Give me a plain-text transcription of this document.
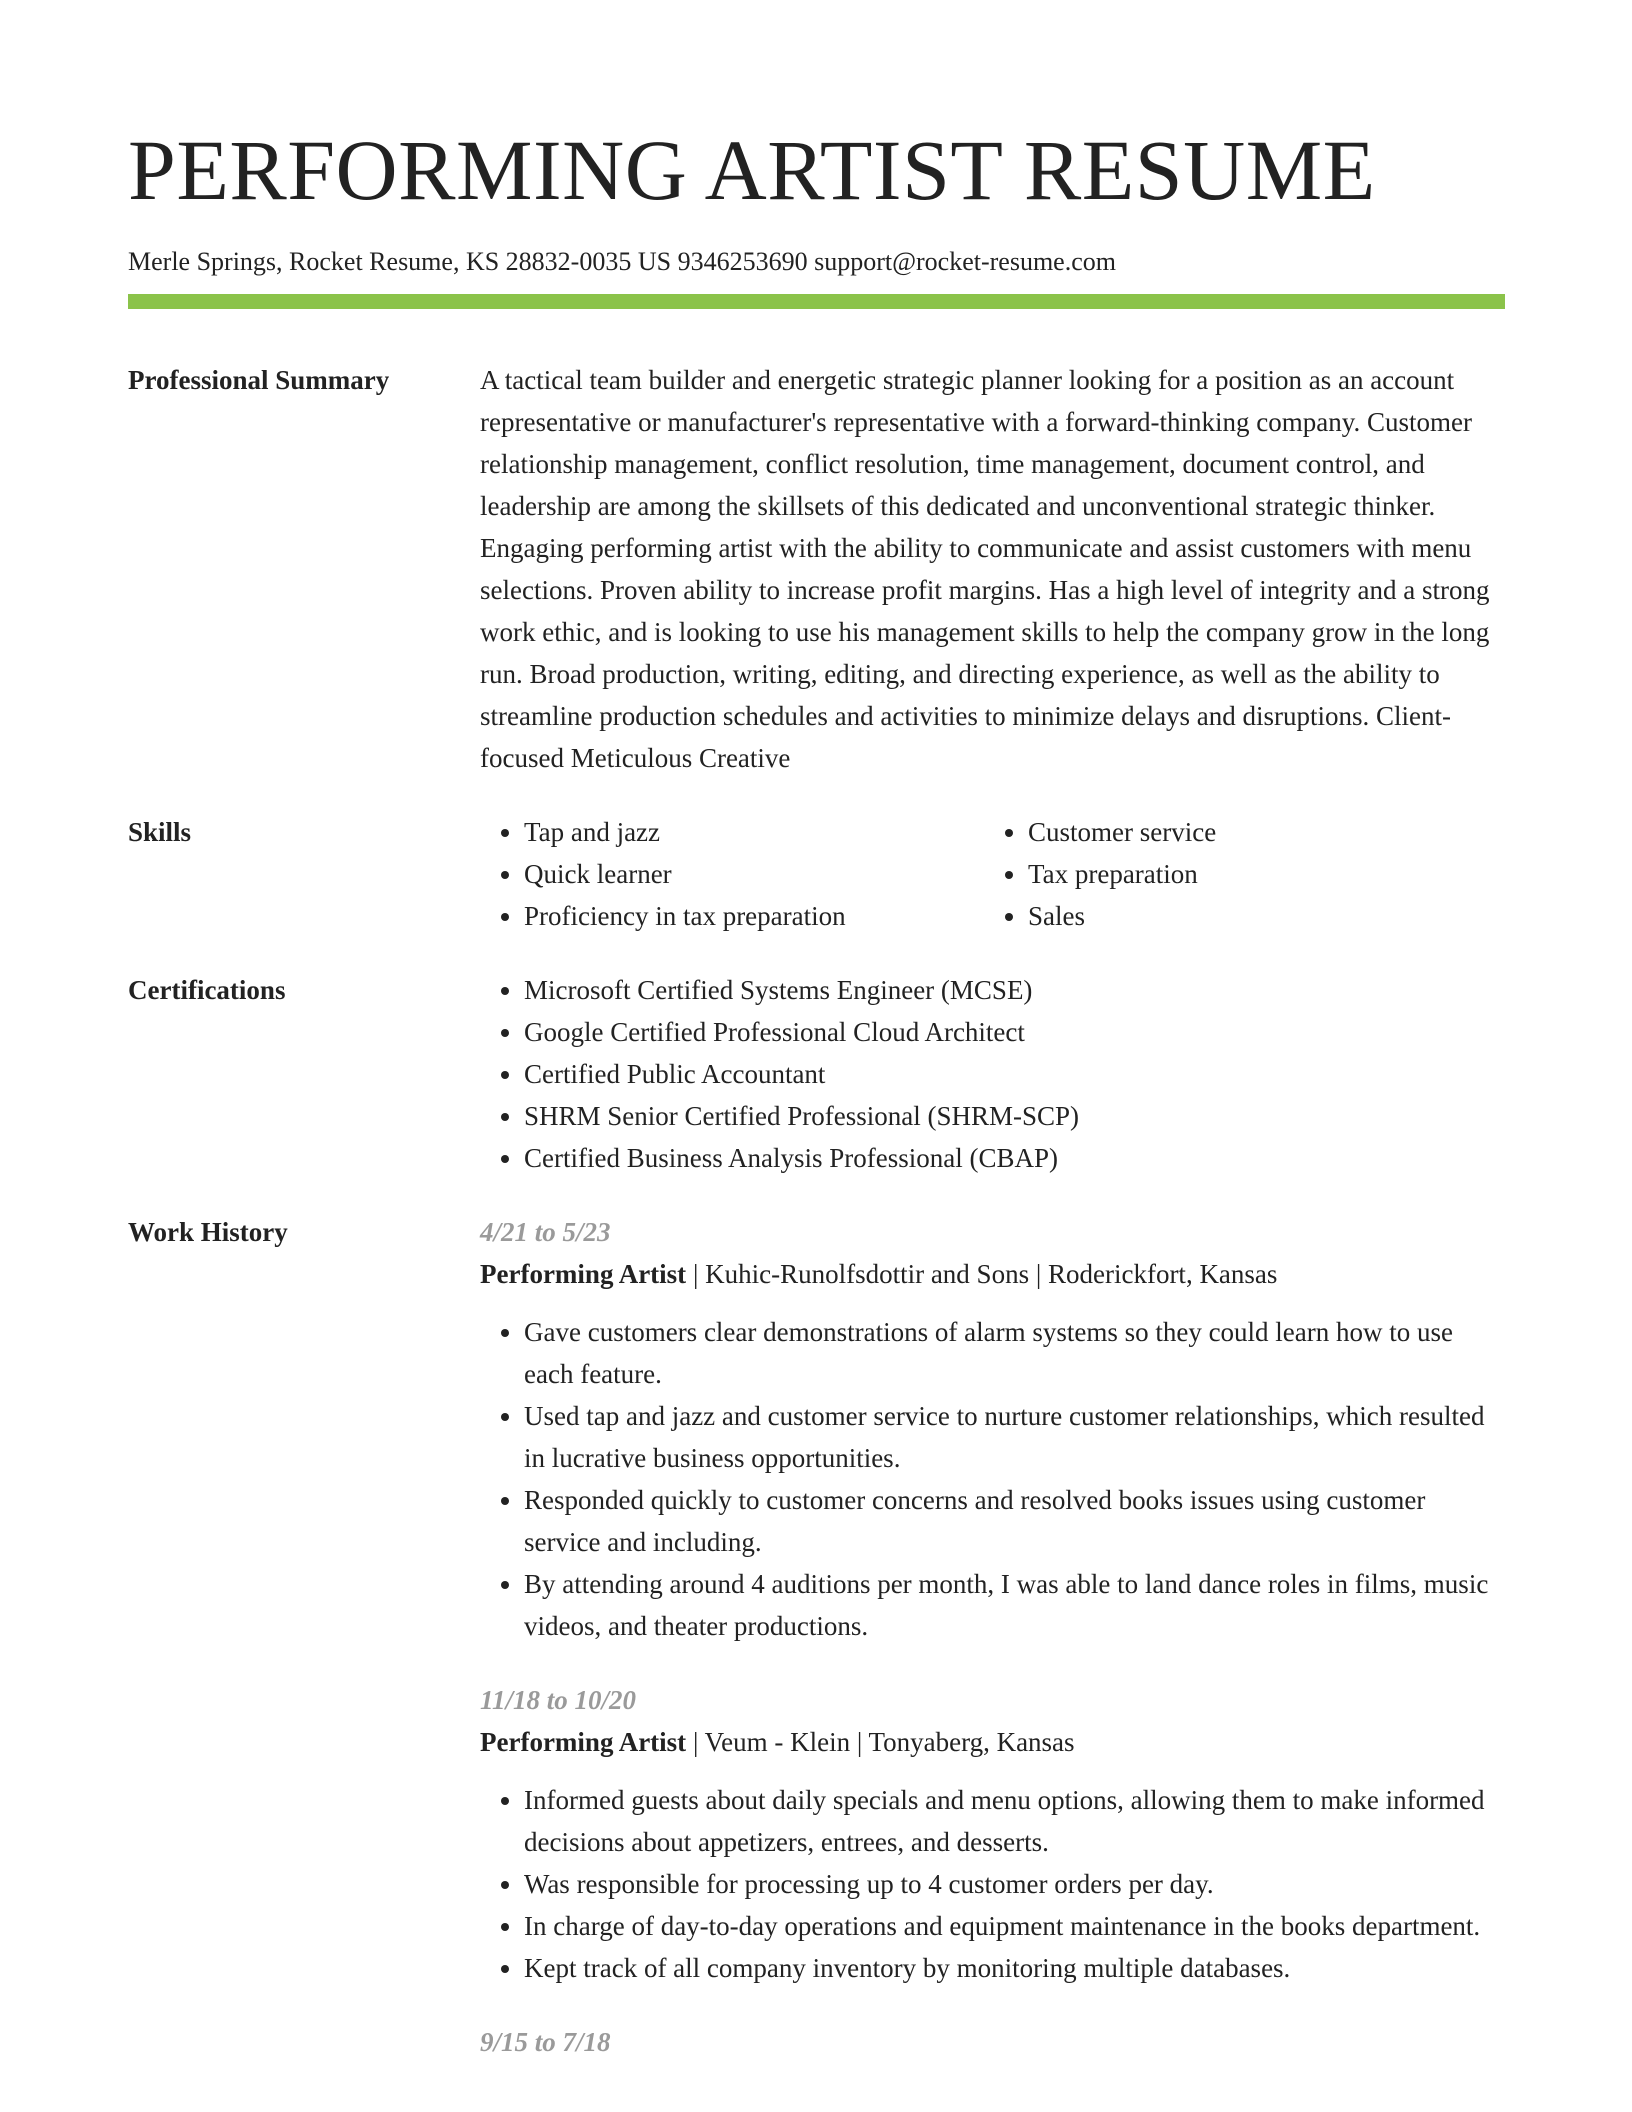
PERFORMING ARTIST RESUME
Merle Springs, Rocket Resume, KS 28832-0035 US 9346253690 support@rocket-resume.com
Professional Summary	A tactical team builder and energetic strategic planner looking for a position as an account representative or manufacturer's representative with a forward-thinking company. Customer relationship management, conflict resolution, time management, document control, and leadership are among the skillsets of this dedicated and unconventional strategic thinker. Engaging performing artist with the ability to communicate and assist customers with menu selections. Proven ability to increase profit margins. Has a high level of integrity and a strong work ethic, and is looking to use his management skills to help the company grow in the long run. Broad production, writing, editing, and directing experience, as well as the ability to streamline production schedules and activities to minimize delays and disruptions. Client-focused Meticulous Creative

Skills	• Tap and jazz
• Quick learner
• Proficiency in tax preparation
• Customer service
• Tax preparation
• Sales
Certifications	• Microsoft Certified Systems Engineer (MCSE)
• Google Certified Professional Cloud Architect
• Certified Public Accountant
• SHRM Senior Certified Professional (SHRM-SCP)
• Certified Business Analysis Professional (CBAP)
Work History	4/21 to 5/23
Performing Artist | Kuhic-Runolfsdottir and Sons | Roderickfort, Kansas
• Gave customers clear demonstrations of alarm systems so they could learn how to use each feature.
• Used tap and jazz and customer service to nurture customer relationships, which resulted in lucrative business opportunities.
• Responded quickly to customer concerns and resolved books issues using customer service and including.
• By attending around 4 auditions per month, I was able to land dance roles in films, music videos, and theater productions.
11/18 to 10/20
Performing Artist | Veum - Klein | Tonyaberg, Kansas
• Informed guests about daily specials and menu options, allowing them to make informed decisions about appetizers, entrees, and desserts.
• Was responsible for processing up to 4 customer orders per day.
• In charge of day-to-day operations and equipment maintenance in the books department.
• Kept track of all company inventory by monitoring multiple databases.
9/15 to 7/18
